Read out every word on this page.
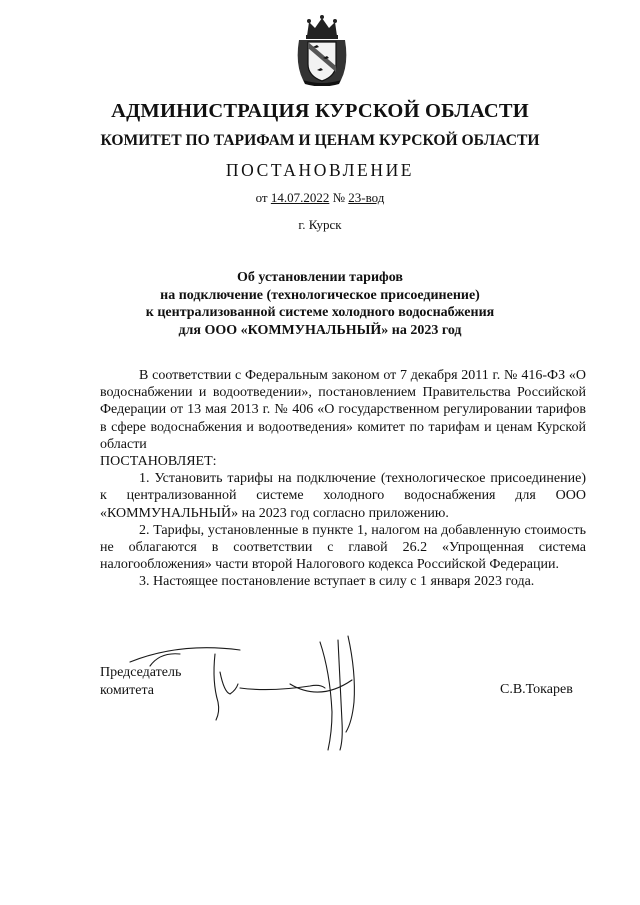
АДМИНИСТРАЦИЯ КУРСКОЙ ОБЛАСТИ
КОМИТЕТ ПО ТАРИФАМ И ЦЕНАМ КУРСКОЙ ОБЛАСТИ
ПОСТАНОВЛЕНИЕ
от 14.07.2022 № 23-вод
г. Курск
Об установлении тарифов
на подключение (технологическое присоединение)
к централизованной системе холодного водоснабжения
для ООО «КОММУНАЛЬНЫЙ» на 2023 год

В соответствии с Федеральным законом от 7 декабря 2011 г. № 416-ФЗ «О водоснабжении и водоотведении», постановлением Правительства Российской Федерации от 13 мая 2013 г. № 406 «О государственном регулировании тарифов в сфере водоснабжения и водоотведения» комитет по тарифам и ценам Курской области

ПОСТАНОВЛЯЕТ:

1. Установить тарифы на подключение (технологическое присоединение) к централизованной системе холодного водоснабжения для ООО «КОММУНАЛЬНЫЙ» на 2023 год согласно приложению.

2. Тарифы, установленные в пункте 1, налогом на добавленную стоимость не облагаются в соответствии с главой 26.2 «Упрощенная система налогообложения» части второй Налогового кодекса Российской Федерации.

3. Настоящее постановление вступает в силу с 1 января 2023 года.

Председатель
комитета	С.В.Токарев
